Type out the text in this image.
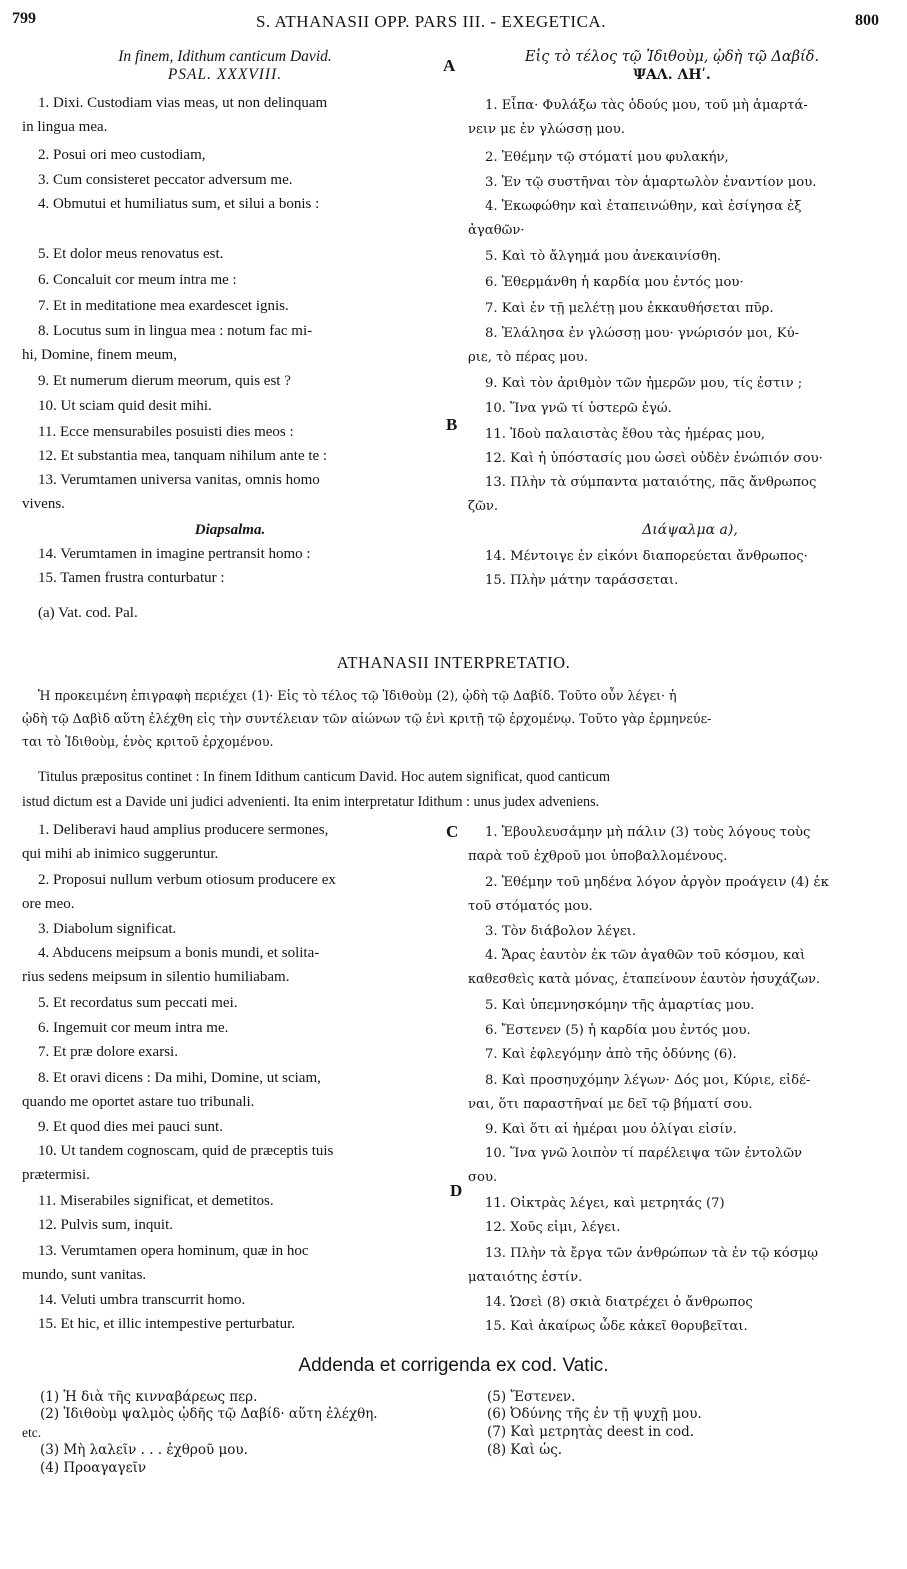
799	S. ATHANASII OPP. PARS III. - EXEGETICA.	800
A
B
C
D
In finem, Idithum canticum David.
PSAL. XXXVIII.
Εἰς τὸ τέλος τῷ Ἰδιθοὺμ, ᾠδὴ τῷ Δαβίδ.
ΨΑΛ. ΛΗʹ.
1. Dixi. Custodiam vias meas, ut non delinquam
in lingua mea.
2. Posui ori meo custodiam,
3. Cum consisteret peccator adversum me.
4. Obmutui et humiliatus sum, et silui a bonis :
5. Et dolor meus renovatus est.
6. Concaluit cor meum intra me :
7. Et in meditatione mea exardescet ignis.
8. Locutus sum in lingua mea : notum fac mi-
hi, Domine, finem meum,
9. Et numerum dierum meorum, quis est ?
10. Ut sciam quid desit mihi.
11. Ecce mensurabiles posuisti dies meos :
12. Et substantia mea, tanquam nihilum ante te :
13. Verumtamen universa vanitas, omnis homo
vivens.
Diapsalma.
14. Verumtamen in imagine pertransit homo :
15. Tamen frustra conturbatur :
1. Εἶπα· Φυλάξω τὰς ὁδούς μου, τοῦ μὴ ἁμαρτά-
νειν με ἐν γλώσσῃ μου.
2. Ἐθέμην τῷ στόματί μου φυλακήν,
3. Ἐν τῷ συστῆναι τὸν ἁμαρτωλὸν ἐναντίον μου.
4. Ἐκωφώθην καὶ ἐταπεινώθην, καὶ ἐσίγησα ἐξ
ἀγαθῶν·
5. Καὶ τὸ ἄλγημά μου ἀνεκαινίσθη.
6. Ἐθερμάνθη ἡ καρδία μου ἐντός μου·
7. Καὶ ἐν τῇ μελέτῃ μου ἐκκαυθήσεται πῦρ.
8. Ἐλάλησα ἐν γλώσσῃ μου· γνώρισόν μοι, Κύ-
ριε, τὸ πέρας μου.
9. Καὶ τὸν ἀριθμὸν τῶν ἡμερῶν μου, τίς ἐστιν ;
10. Ἵνα γνῶ τί ὑστερῶ ἐγώ.
11. Ἰδοὺ παλαιστὰς ἔθου τὰς ἡμέρας μου,
12. Καὶ ἡ ὑπόστασίς μου ὡσεὶ οὐδὲν ἐνώπιόν σου·
13. Πλὴν τὰ σύμπαντα ματαιότης, πᾶς ἄνθρωπος
ζῶν.
Διάψαλμα a),
14. Μέντοιγε ἐν εἰκόνι διαπορεύεται ἄνθρωπος·
15. Πλὴν μάτην ταράσσεται.
(a) Vat. cod. Pal.
ATHANASII INTERPRETATIO.
Ἡ προκειμένη ἐπιγραφὴ περιέχει (1)· Εἰς τὸ τέλος τῷ Ἰδιθοὺμ (2), ᾠδὴ τῷ Δαβίδ. Τοῦτο οὖν λέγει· ἡ
ᾠδὴ τῷ Δαβὶδ αὕτη ἐλέχθη εἰς τὴν συντέλειαν τῶν αἰώνων τῷ ἑνὶ κριτῇ τῷ ἐρχομένῳ. Τοῦτο γὰρ ἑρμηνεύε-
ται τὸ Ἰδιθοὺμ, ἑνὸς κριτοῦ ἐρχομένου.
Titulus præpositus continet : In finem Idithum canticum David. Hoc autem significat, quod canticum
istud dictum est a Davide uni judici advenienti. Ita enim interpretatur Idithum : unus judex adveniens.
1. Deliberavi haud amplius producere sermones,
qui mihi ab inimico suggeruntur.
2. Proposui nullum verbum otiosum producere ex
ore meo.
3. Diabolum significat.
4. Abducens meipsum a bonis mundi, et solita-
rius sedens meipsum in silentio humiliabam.
5. Et recordatus sum peccati mei.
6. Ingemuit cor meum intra me.
7. Et præ dolore exarsi.
8. Et oravi dicens : Da mihi, Domine, ut sciam,
quando me oportet astare tuo tribunali.
9. Et quod dies mei pauci sunt.
10. Ut tandem cognoscam, quid de præceptis tuis
prætermisi.
11. Miserabiles significat, et demetitos.
12. Pulvis sum, inquit.
13. Verumtamen opera hominum, quæ in hoc
mundo, sunt vanitas.
14. Veluti umbra transcurrit homo.
15. Et hic, et illic intempestive perturbatur.
1. Ἐβουλευσάμην μὴ πάλιν (3) τοὺς λόγους τοὺς
παρὰ τοῦ ἐχθροῦ μοι ὑποβαλλομένους.
2. Ἐθέμην τοῦ μηδένα λόγον ἀργὸν προάγειν (4) ἐκ
τοῦ στόματός μου.
3. Τὸν διάβολον λέγει.
4. Ἄρας ἑαυτὸν ἐκ τῶν ἀγαθῶν τοῦ κόσμου, καὶ
καθεσθεὶς κατὰ μόνας, ἐταπείνουν ἑαυτὸν ἡσυχάζων.
5. Καὶ ὑπεμνησκόμην τῆς ἁμαρτίας μου.
6. Ἔστενεν (5) ἡ καρδία μου ἐντός μου.
7. Καὶ ἐφλεγόμην ἀπὸ τῆς ὀδύνης (6).
8. Καὶ προσηυχόμην λέγων· Δός μοι, Κύριε, εἰδέ-
ναι, ὅτι παραστῆναί με δεῖ τῷ βήματί σου.
9. Καὶ ὅτι αἱ ἡμέραι μου ὀλίγαι εἰσίν.
10. Ἵνα γνῶ λοιπὸν τί παρέλειψα τῶν ἐντολῶν
σου.
11. Οἰκτρὰς λέγει, καὶ μετρητάς (7)
12. Χοῦς εἰμι, λέγει.
13. Πλὴν τὰ ἔργα τῶν ἀνθρώπων τὰ ἐν τῷ κόσμῳ
ματαιότης ἐστίν.
14. Ὡσεὶ (8) σκιὰ διατρέχει ὁ ἄνθρωπος
15. Καὶ ἀκαίρως ὧδε κἀκεῖ θορυβεῖται.
Addenda et corrigenda ex cod. Vatic.
(1) Ἡ διὰ τῆς κινναβάρεως περ.
(2) Ἰδιθοὺμ ψαλμὸς ᾠδῆς τῷ Δαβίδ· αὕτη ἐλέχθη.
etc.
(3) Μὴ λαλεῖν . . . ἐχθροῦ μου.
(4) Προαγαγεῖν
(5) Ἔστενεν.
(6) Ὀδύνης τῆς ἐν τῇ ψυχῇ μου.
(7) Καὶ μετρητὰς deest in cod.
(8) Καὶ ὡς.
